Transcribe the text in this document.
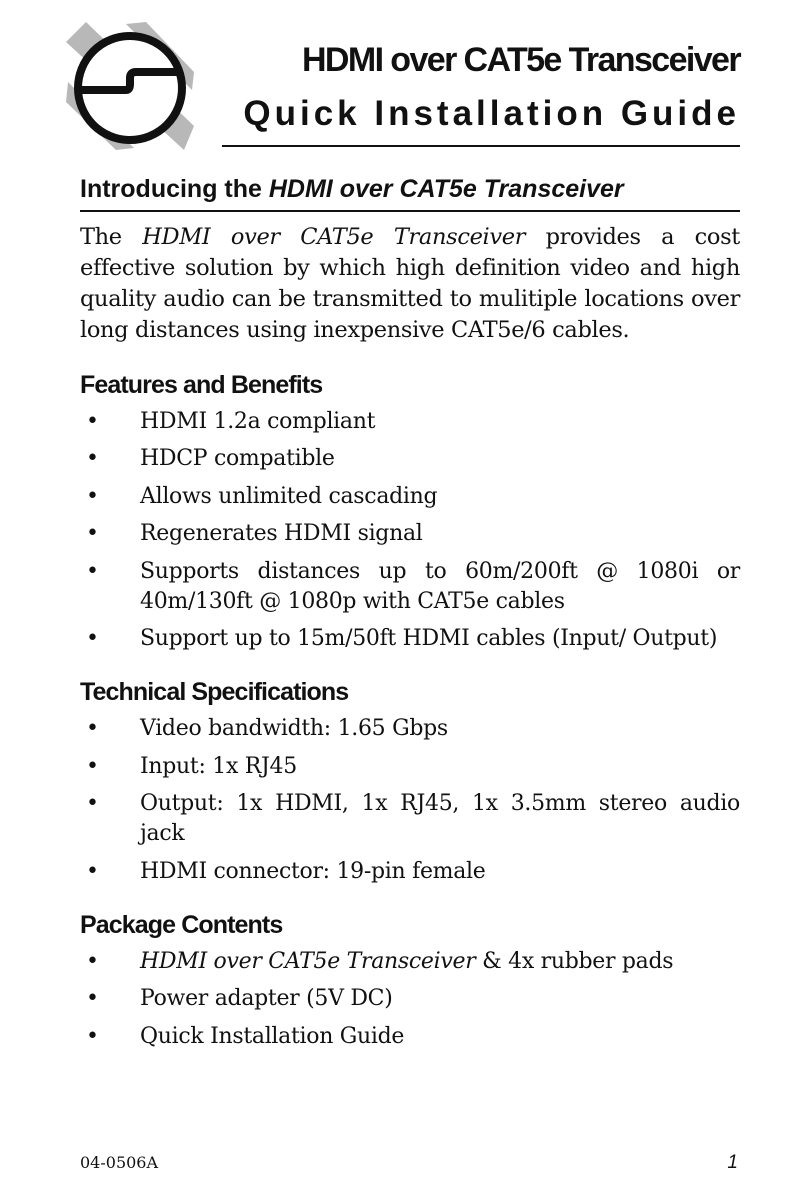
HDMI over CAT5e Transceiver
Quick Installation Guide
Introducing the HDMI over CAT5e Transceiver

The HDMI over CAT5e Transceiver provides a cost effective solution by which high definition video and high quality audio can be transmitted to mulitiple locations over long distances using inexpensive CAT5e/6 cables.

Features and Benefits
• HDMI 1.2a compliant
• HDCP compatible
• Allows unlimited cascading
• Regenerates HDMI signal
• Supports distances up to 60m/200ft @ 1080i or 40m/130ft @ 1080p with CAT5e cables
• Support up to 15m/50ft HDMI cables (Input/ Output)
Technical Specifications
• Video bandwidth: 1.65 Gbps
• Input: 1x RJ45
• Output: 1x HDMI, 1x RJ45, 1x 3.5mm stereo audio jack
• HDMI connector: 19-pin female
Package Contents
• HDMI over CAT5e Transceiver & 4x rubber pads
• Power adapter (5V DC)
• Quick Installation Guide
04-0506A	1
